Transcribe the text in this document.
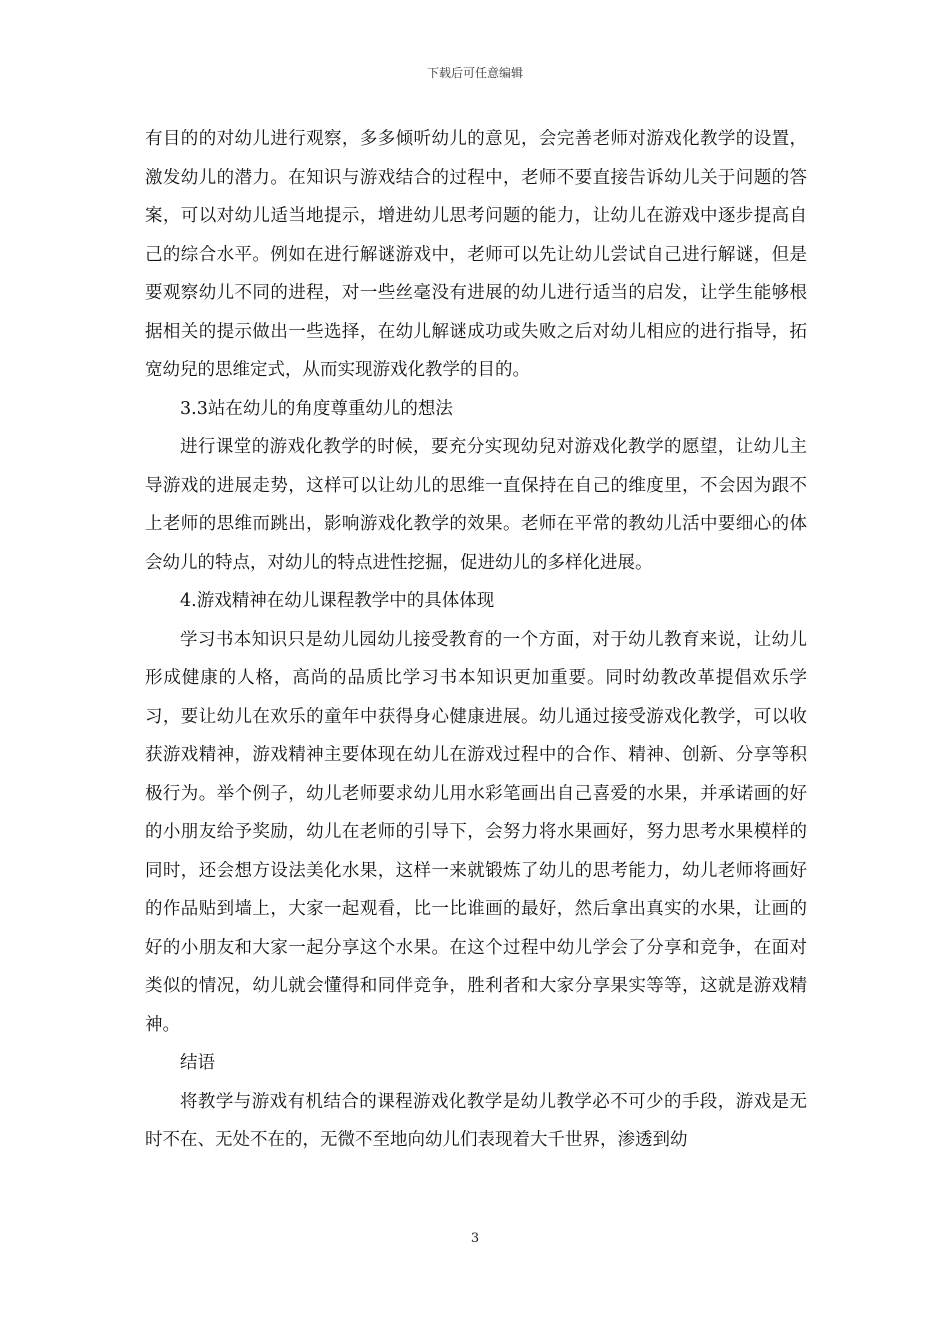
下载后可任意编辑

有目的的对幼儿进行观察，多多倾听幼儿的意见，会完善老师对游戏化教学的设置，激发幼儿的潜力。在知识与游戏结合的过程中，老师不要直接告诉幼儿关于问题的答案，可以对幼儿适当地提示，增进幼儿思考问题的能力，让幼儿在游戏中逐步提高自己的综合水平。例如在进行解谜游戏中，老师可以先让幼儿尝试自己进行解谜，但是要观察幼儿不同的进程，对一些丝毫没有进展的幼儿进行适当的启发，让学生能够根据相关的提示做出一些选择，在幼儿解谜成功或失败之后对幼儿相应的进行指导，拓宽幼兒的思维定式，从而实现游戏化教学的目的。

3.3站在幼儿的角度尊重幼儿的想法

进行课堂的游戏化教学的时候，要充分实现幼兒对游戏化教学的愿望，让幼儿主导游戏的进展走势，这样可以让幼儿的思维一直保持在自己的维度里，不会因为跟不上老师的思维而跳出，影响游戏化教学的效果。老师在平常的教幼儿活中要细心的体会幼儿的特点，对幼儿的特点进性挖掘，促进幼儿的多样化进展。

4.游戏精神在幼儿课程教学中的具体体现

学习书本知识只是幼儿园幼儿接受教育的一个方面，对于幼儿教育来说，让幼儿形成健康的人格，高尚的品质比学习书本知识更加重要。同时幼教改革提倡欢乐学习，要让幼儿在欢乐的童年中获得身心健康进展。幼儿通过接受游戏化教学，可以收获游戏精神，游戏精神主要体现在幼儿在游戏过程中的合作、精神、创新、分享等积极行为。举个例子，幼儿老师要求幼儿用水彩笔画出自己喜爱的水果，并承诺画的好的小朋友给予奖励，幼儿在老师的引导下，会努力将水果画好，努力思考水果模样的同时，还会想方设法美化水果，这样一来就锻炼了幼儿的思考能力，幼儿老师将画好的作品贴到墙上，大家一起观看，比一比谁画的最好，然后拿出真实的水果，让画的好的小朋友和大家一起分享这个水果。在这个过程中幼儿学会了分享和竞争，在面对类似的情况，幼儿就会懂得和同伴竞争，胜利者和大家分享果实等等，这就是游戏精神。

结语

将教学与游戏有机结合的课程游戏化教学是幼儿教学必不可少的手段，游戏是无时不在、无处不在的，无微不至地向幼儿们表现着大千世界，渗透到幼

3
